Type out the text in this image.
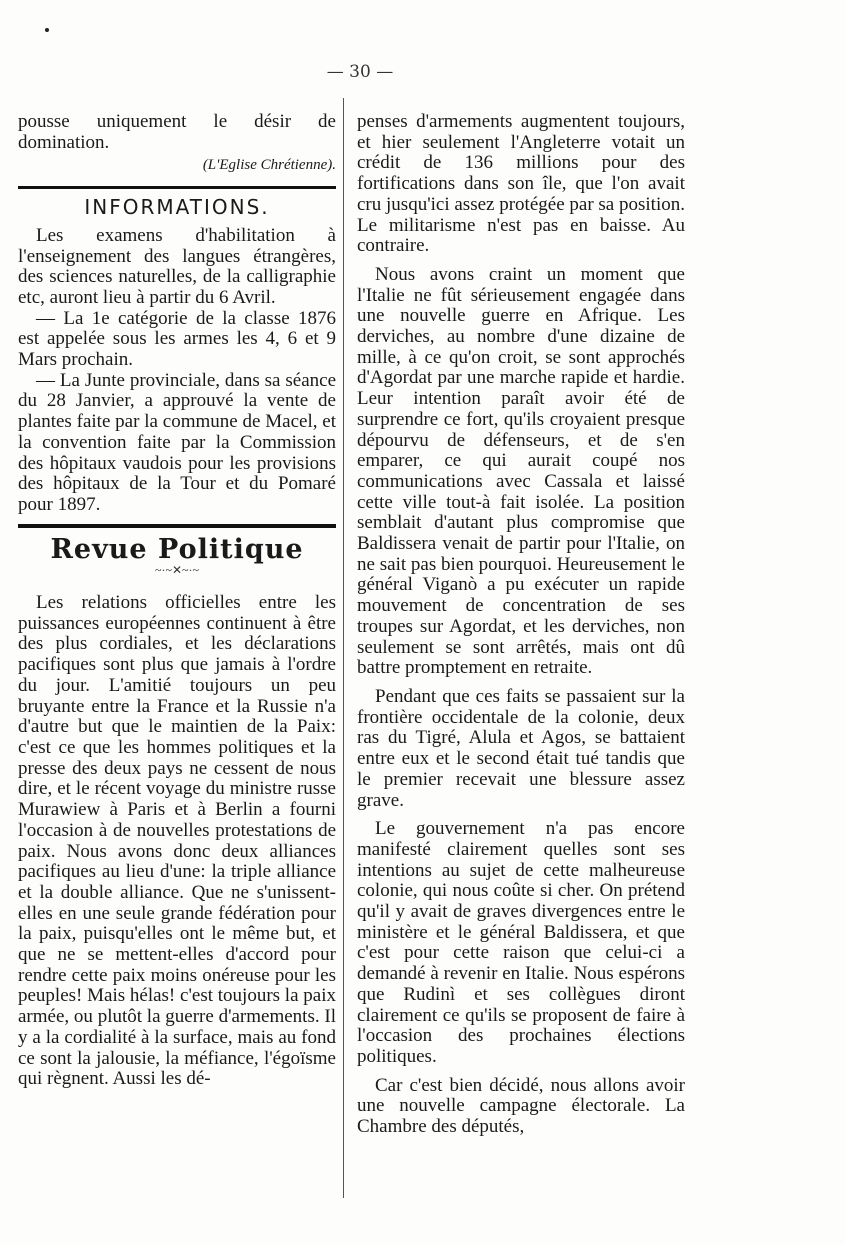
— 30 —

pousse uniquement le désir de domination.

(L'Eglise Chrétienne).

INFORMATIONS.

Les examens d'habilitation à l'enseignement des langues étrangères, des sciences naturelles, de la calligraphie etc, auront lieu à partir du 6 Avril.

— La 1e catégorie de la classe 1876 est appelée sous les armes les 4, 6 et 9 Mars prochain.

— La Junte provinciale, dans sa séance du 28 Janvier, a approuvé la vente de plantes faite par la commune de Macel, et la convention faite par la Commission des hôpitaux vaudois pour les provisions des hôpitaux de la Tour et du Pomaré pour 1897.

Revue Politique

~·~✕~·~

Les relations officielles entre les puissances européennes continuent à être des plus cordiales, et les déclarations pacifiques sont plus que jamais à l'ordre du jour. L'amitié toujours un peu bruyante entre la France et la Russie n'a d'autre but que le maintien de la Paix: c'est ce que les hommes politiques et la presse des deux pays ne cessent de nous dire, et le récent voyage du ministre russe Murawiew à Paris et à Berlin a fourni l'occasion à de nouvelles protestations de paix. Nous avons donc deux alliances pacifiques au lieu d'une: la triple alliance et la double alliance. Que ne s'unissent-elles en une seule grande fédération pour la paix, puisqu'elles ont le même but, et que ne se mettent-elles d'accord pour rendre cette paix moins onéreuse pour les peuples! Mais hélas! c'est toujours la paix armée, ou plutôt la guerre d'armements. Il y a la cordialité à la surface, mais au fond ce sont la jalousie, la méfiance, l'égoïsme qui règnent. Aussi les dé-

penses d'armements augmentent toujours, et hier seulement l'Angleterre votait un crédit de 136 millions pour des fortifications dans son île, que l'on avait cru jusqu'ici assez protégée par sa position. Le militarisme n'est pas en baisse. Au contraire.

Nous avons craint un moment que l'Italie ne fût sérieusement engagée dans une nouvelle guerre en Afrique. Les derviches, au nombre d'une dizaine de mille, à ce qu'on croit, se sont approchés d'Agordat par une marche rapide et hardie. Leur intention paraît avoir été de surprendre ce fort, qu'ils croyaient presque dépourvu de défenseurs, et de s'en emparer, ce qui aurait coupé nos communications avec Cassala et laissé cette ville tout-à fait isolée. La position semblait d'autant plus compromise que Baldissera venait de partir pour l'Italie, on ne sait pas bien pourquoi. Heureusement le général Viganò a pu exécuter un rapide mouvement de concentration de ses troupes sur Agordat, et les derviches, non seulement se sont arrêtés, mais ont dû battre promptement en retraite.

Pendant que ces faits se passaient sur la frontière occidentale de la colonie, deux ras du Tigré, Alula et Agos, se battaient entre eux et le second était tué tandis que le premier recevait une blessure assez grave.

Le gouvernement n'a pas encore manifesté clairement quelles sont ses intentions au sujet de cette malheureuse colonie, qui nous coûte si cher. On prétend qu'il y avait de graves divergences entre le ministère et le général Baldissera, et que c'est pour cette raison que celui-ci a demandé à revenir en Italie. Nous espérons que Rudinì et ses collègues diront clairement ce qu'ils se proposent de faire à l'occasion des prochaines élections politiques.

Car c'est bien décidé, nous allons avoir une nouvelle campagne électorale. La Chambre des députés,
